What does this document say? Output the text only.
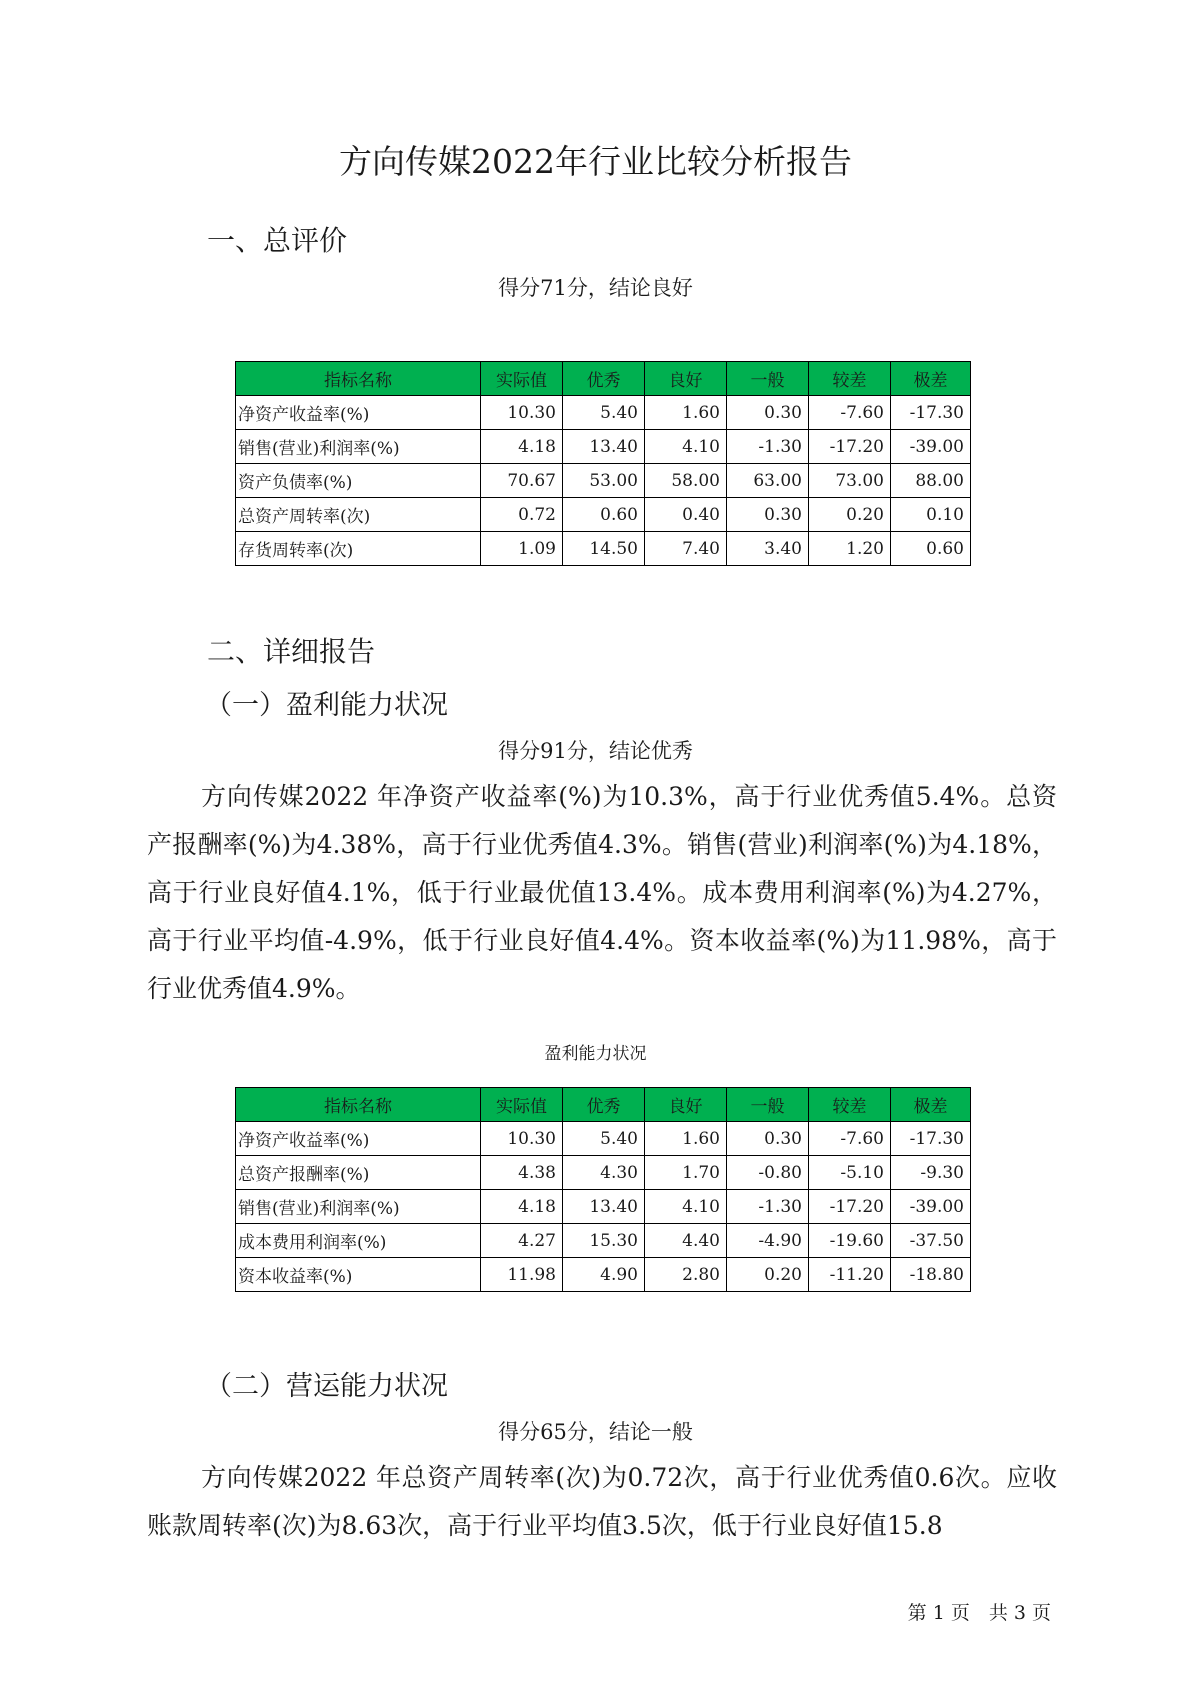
方向传媒2022年行业比较分析报告
一、总评价
得分71分，结论良好
指标名称	实际值	优秀	良好	一般	较差	极差
净资产收益率(%)	10.30	5.40	1.60	0.30	-7.60	-17.30
销售(营业)利润率(%)	4.18	13.40	4.10	-1.30	-17.20	-39.00
资产负债率(%)	70.67	53.00	58.00	63.00	73.00	88.00
总资产周转率(次)	0.72	0.60	0.40	0.30	0.20	0.10
存货周转率(次)	1.09	14.50	7.40	3.40	1.20	0.60
二、详细报告
（一）盈利能力状况
得分91分，结论优秀

方向传媒2022 年净资产收益率(%)为10.3%，高于行业优秀值5.4%。总资产报酬率(%)为4.38%，高于行业优秀值4.3%。销售(营业)利润率(%)为4.18%，高于行业良好值4.1%，低于行业最优值13.4%。成本费用利润率(%)为4.27%，高于行业平均值-4.9%，低于行业良好值4.4%。资本收益率(%)为11.98%，高于行业优秀值4.9%。

盈利能力状况
指标名称	实际值	优秀	良好	一般	较差	极差
净资产收益率(%)	10.30	5.40	1.60	0.30	-7.60	-17.30
总资产报酬率(%)	4.38	4.30	1.70	-0.80	-5.10	-9.30
销售(营业)利润率(%)	4.18	13.40	4.10	-1.30	-17.20	-39.00
成本费用利润率(%)	4.27	15.30	4.40	-4.90	-19.60	-37.50
资本收益率(%)	11.98	4.90	2.80	0.20	-11.20	-18.80
（二）营运能力状况
得分65分，结论一般

方向传媒2022 年总资产周转率(次)为0.72次，高于行业优秀值0.6次。应收账款周转率(次)为8.63次，高于行业平均值3.5次，低于行业良好值15.8

第 1 页　共 3 页
